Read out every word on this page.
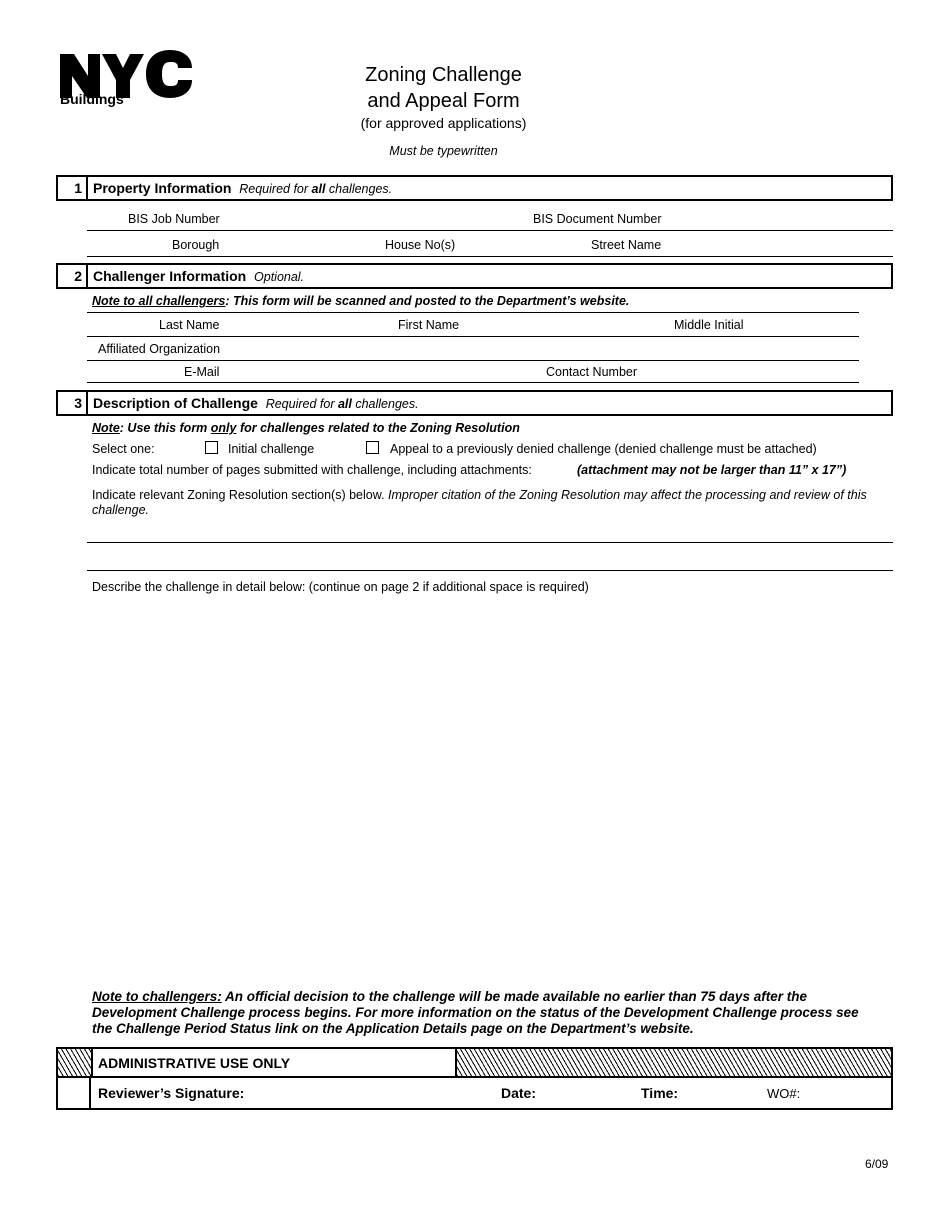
Buildings
Zoning Challenge
and Appeal Form
(for approved applications)
Must be typewritten
1 Property Information Required for all challenges.
BIS Job Number	BIS Document Number
Borough	House No(s)	Street Name
2 Challenger Information Optional.
Note to all challengers: This form will be scanned and posted to the Department’s website.
Last Name	First Name	Middle Initial
Affiliated Organization
E-Mail	Contact Number
3 Description of Challenge Required for all challenges.
Note: Use this form only for challenges related to the Zoning Resolution
Select one:	Initial challenge	Appeal to a previously denied challenge (denied challenge must be attached)
Indicate total number of pages submitted with challenge, including attachments:	(attachment may not be larger than 11” x 17”)
Indicate relevant Zoning Resolution section(s) below. Improper citation of the Zoning Resolution may affect the processing and review of this challenge.
Describe the challenge in detail below: (continue on page 2 if additional space is required)
Note to challengers: An official decision to the challenge will be made available no earlier than 75 days after the Development Challenge process begins. For more information on the status of the Development Challenge process see the Challenge Period Status link on the Application Details page on the Department’s website.
ADMINISTRATIVE USE ONLY
Reviewer’s Signature:	Date:	Time:	WO#:
6/09
